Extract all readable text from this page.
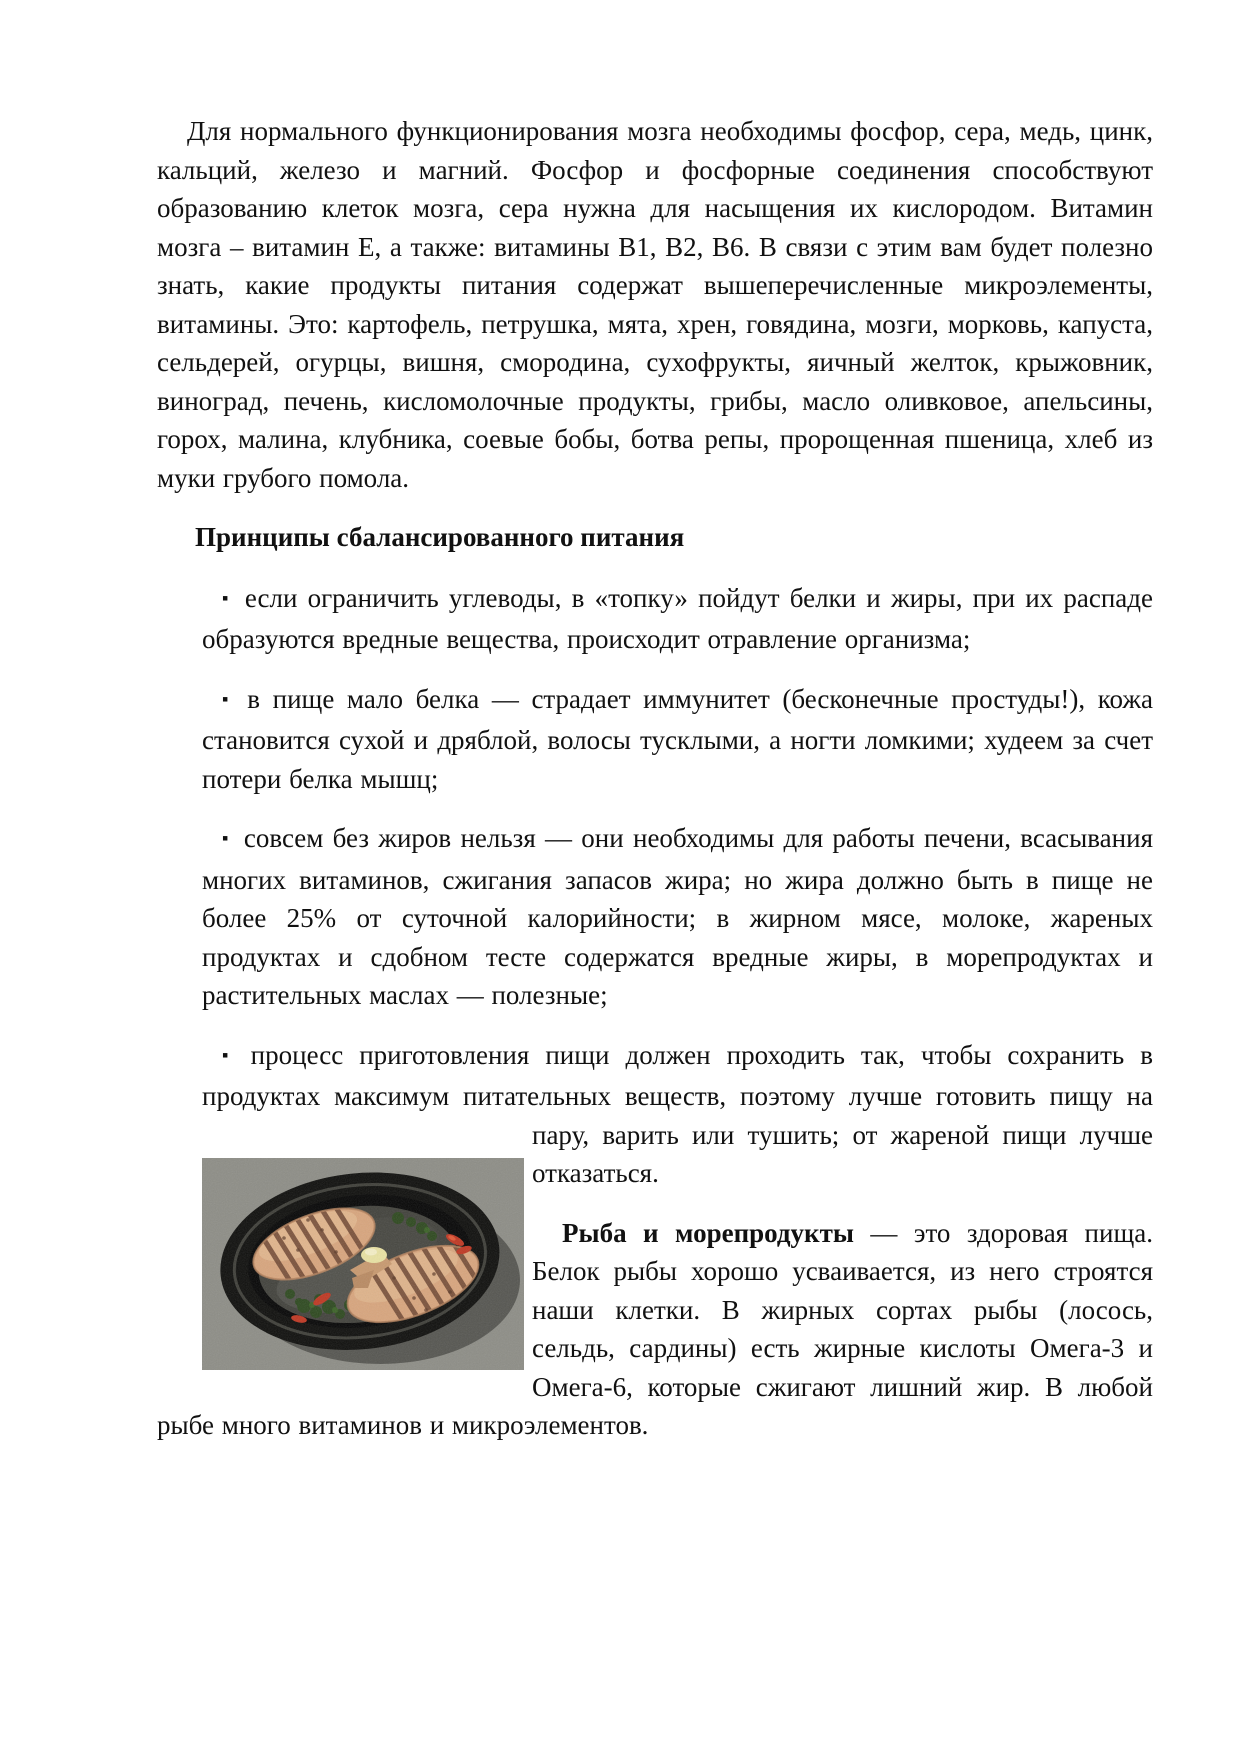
Для нормального функционирования мозга необходимы фосфор, сера, медь, цинк, кальций, железо и магний. Фосфор и фосфорные соединения способствуют образованию клеток мозга, сера нужна для насыщения их кислородом. Витамин мозга – витамин Е, а также: витамины В1, В2, В6. В связи с этим вам будет полезно знать, какие продукты питания содержат вышеперечисленные микроэлементы, витамины. Это: картофель, петрушка, мята, хрен, говядина, мозги, морковь, капуста, сельдерей, огурцы, вишня, смородина, сухофрукты, яичный желток, крыжовник, виноград, печень, кисломолочные продукты, грибы, масло оливковое, апельсины, горох, малина, клубника, соевые бобы, ботва репы, пророщенная пшеница, хлеб из муки грубого помола.

Принципы сбалансированного питания

▪ если ограничить углеводы, в «топку» пойдут белки и жиры, при их распаде образуются вредные вещества, происходит отравление организма;

▪ в пище мало белка — страдает иммунитет (бесконечные простуды!), кожа становится сухой и дряблой, волосы тусклыми, а ногти ломкими; худеем за счет потери белка мышц;

▪ совсем без жиров нельзя — они необходимы для работы печени, всасывания многих витаминов, сжигания запасов жира; но жира должно быть в пище не более 25% от суточной калорийности; в жирном мясе, молоке, жареных продуктах и сдобном тесте содержатся вредные жиры, в морепродуктах и растительных маслах — полезные;

▪ процесс приготовления пищи должен проходить так, чтобы сохранить в продуктах максимум питательных веществ, поэтому лучше
готовить пищу на пару, варить или тушить; от жареной пищи лучше отказаться.

Рыба и морепродукты — это здоровая пища. Белок рыбы хорошо усваивается, из него строятся наши клетки. В жирных сортах рыбы (лосось, сельдь, сардины) есть жирные кислоты Омега-3 и Омега-6, которые сжигают лишний жир. В любой рыбе много витаминов и микроэлементов.
